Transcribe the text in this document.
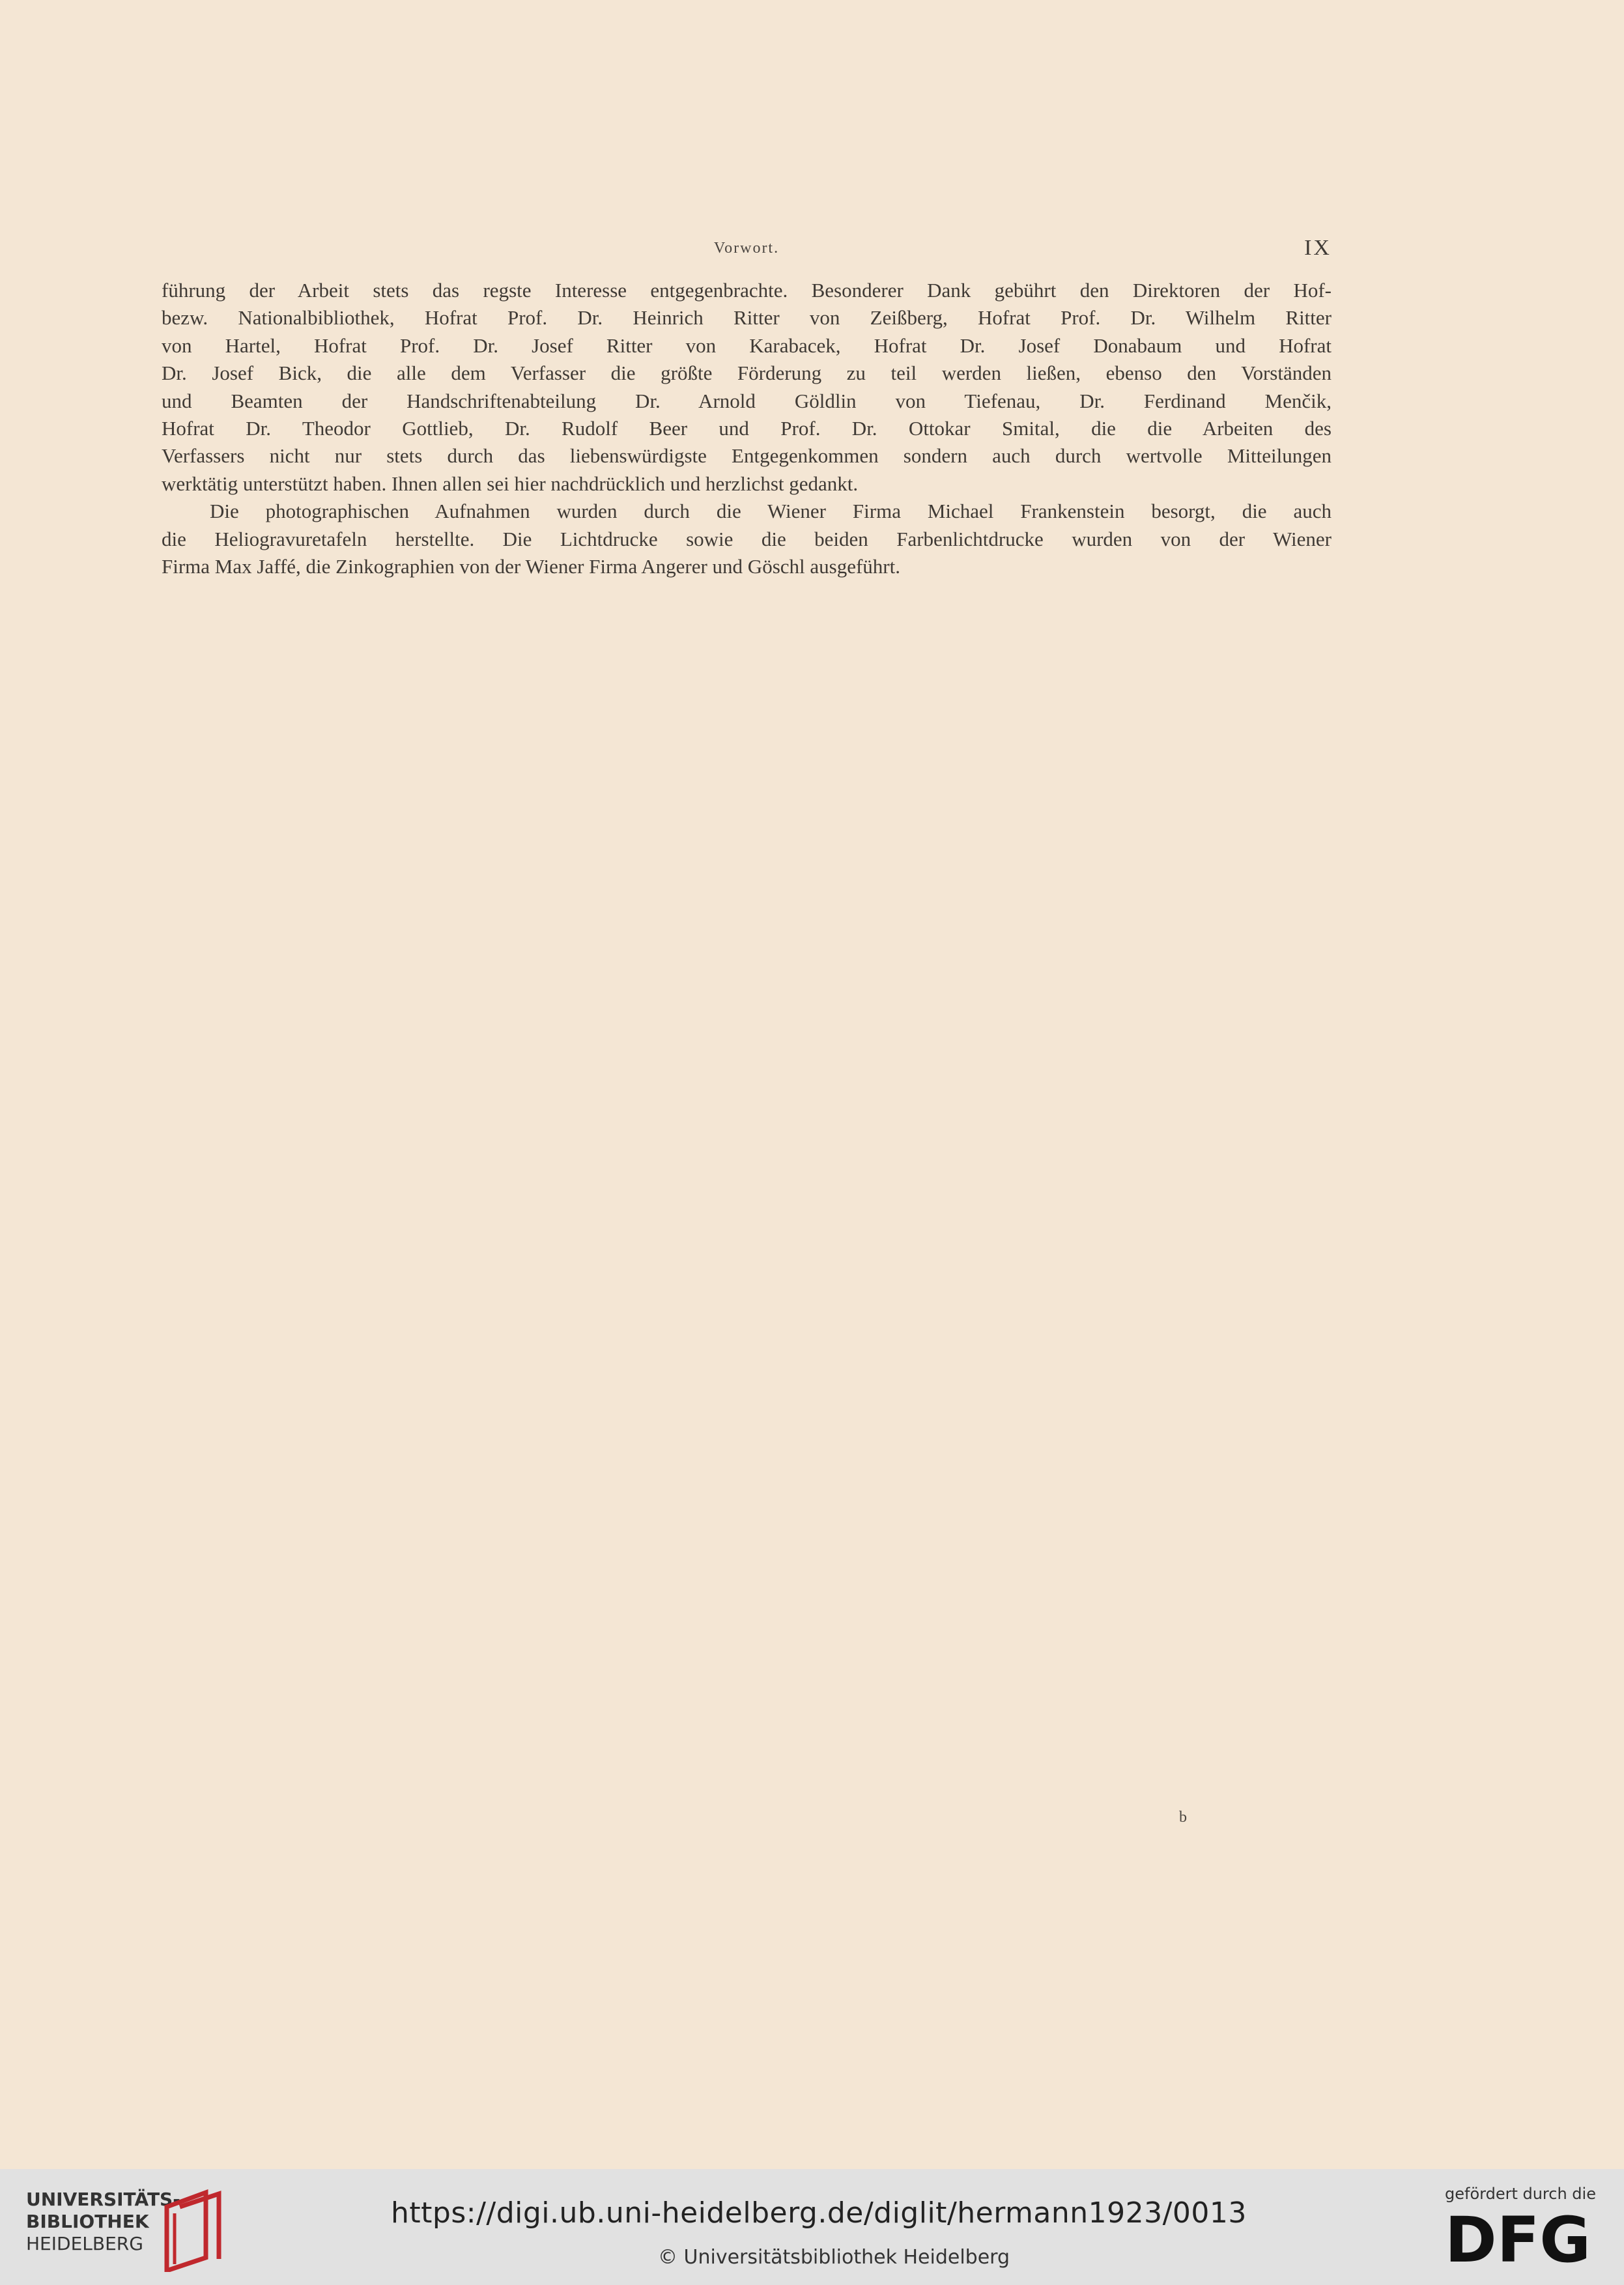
Vorwort.	IX

führung der Arbeit stets das regste Interesse entgegenbrachte. Besonderer Dank gebührt den Direktoren der Hof-
bezw. Nationalbibliothek, Hofrat Prof. Dr. Heinrich Ritter von Zeißberg, Hofrat Prof. Dr. Wilhelm Ritter
von Hartel, Hofrat Prof. Dr. Josef Ritter von Karabacek, Hofrat Dr. Josef Donabaum und Hofrat
Dr. Josef Bick, die alle dem Verfasser die größte Förderung zu teil werden ließen, ebenso den Vorständen
und Beamten der Handschriftenabteilung Dr. Arnold Göldlin von Tiefenau, Dr. Ferdinand Menčik,
Hofrat Dr. Theodor Gottlieb, Dr. Rudolf Beer und Prof. Dr. Ottokar Smital, die die Arbeiten des
Verfassers nicht nur stets durch das liebenswürdigste Entgegenkommen sondern auch durch wertvolle Mitteilungen
werktätig unterstützt haben. Ihnen allen sei hier nachdrücklich und herzlichst gedankt.

Die photographischen Aufnahmen wurden durch die Wiener Firma Michael Frankenstein besorgt, die auch
die Heliogravuretafeln herstellte. Die Lichtdrucke sowie die beiden Farbenlichtdrucke wurden von der Wiener
Firma Max Jaffé, die Zinkographien von der Wiener Firma Angerer und Göschl ausgeführt.

b
UNIVERSITÄTS-
BIBLIOTHEK
HEIDELBERG
https://digi.ub.uni-heidelberg.de/diglit/hermann1923/0013
© Universitätsbibliothek Heidelberg
gefördert durch die
DFG
